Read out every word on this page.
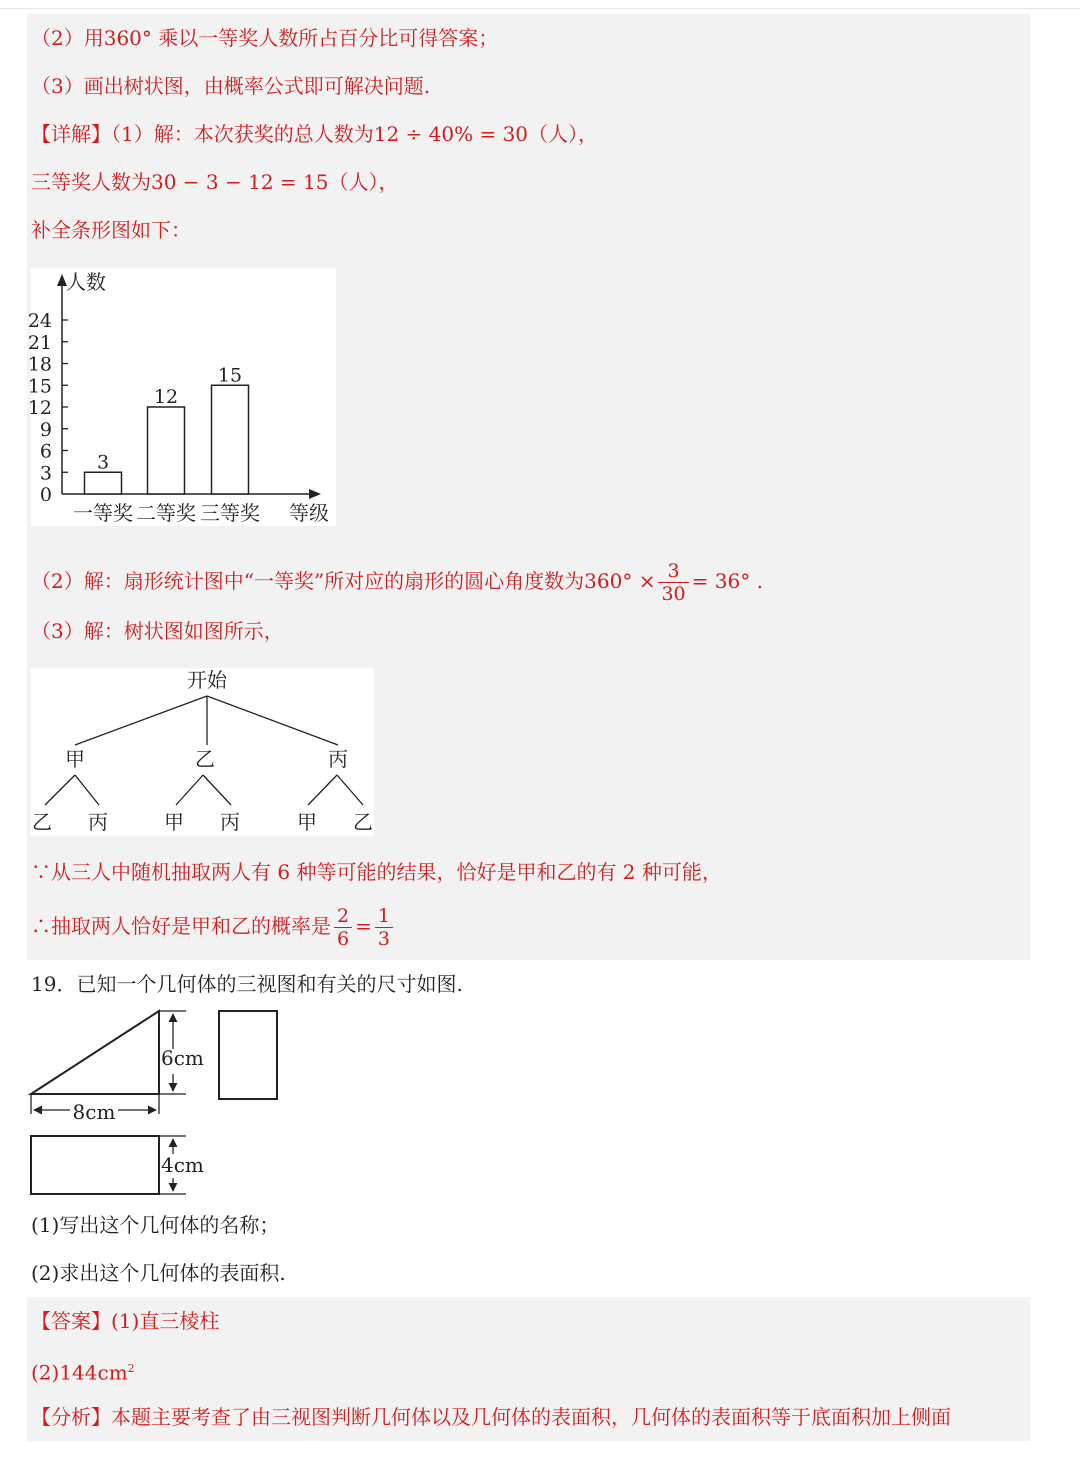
（2）用360° 乘以一等奖人数所占百分比可得答案；
（3）画出树状图，由概率公式即可解决问题.
【详解】（1）解：本次获奖的总人数为12 ÷ 40% = 30（人），
三等奖人数为30 − 3 − 12 = 15（人），
补全条形图如下：
人数
等级
0
3
6
9
12
15
18
21
24
3
一等奖
12
二等奖
15
三等奖
（2）解：扇形统计图中“一等奖”所对应的扇形的圆心角度数为$360^\circ \times \frac{3}{30} = 36^\circ$ .
（3）解：树状图如图所示，
开始
甲	乙	丙
乙 丙	甲 丙	甲 乙
∵从三人中随机抽取两人有 6 种等可能的结果，恰好是甲和乙的有 2 种可能，
∴抽取两人恰好是甲和乙的概率是 $\frac{2}{6} = \frac{1}{3}$
19．已知一个几何体的三视图和有关的尺寸如图.
6cm
8cm
4cm
(1)写出这个几何体的名称；
(2)求出这个几何体的表面积.
【答案】(1)直三棱柱
$(2)144cm^2$
【分析】本题主要考查了由三视图判断几何体以及几何体的表面积，几何体的表面积等于底面积加上侧面
